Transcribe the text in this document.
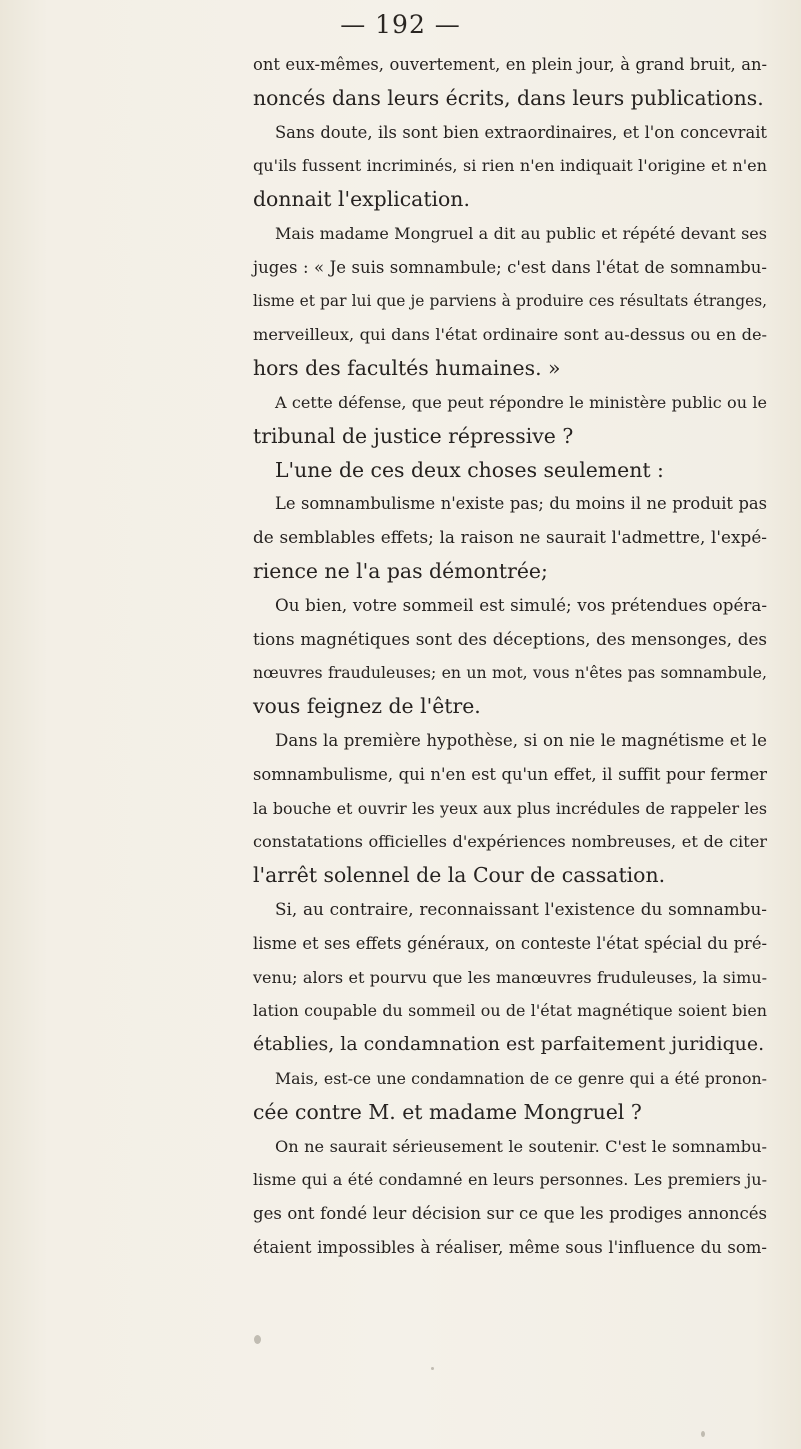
— 192 —
ont eux-mêmes, ouvertement, en plein jour, à grand bruit, an-
noncés dans leurs écrits, dans leurs publications.
Sans doute, ils sont bien extraordinaires, et l'on concevrait
qu'ils fussent incriminés, si rien n'en indiquait l'origine et n'en
donnait l'explication.
Mais madame Mongruel a dit au public et répété devant ses
juges : « Je suis somnambule; c'est dans l'état de somnambu-
lisme et par lui que je parviens à produire ces résultats étranges,
merveilleux, qui dans l'état ordinaire sont au-dessus ou en de-
hors des facultés humaines. »
A cette défense, que peut répondre le ministère public ou le
tribunal de justice répressive ?
L'une de ces deux choses seulement :
Le somnambulisme n'existe pas; du moins il ne produit pas
de semblables effets; la raison ne saurait l'admettre, l'expé-
rience ne l'a pas démontrée;
Ou bien, votre sommeil est simulé; vos prétendues opéra-
tions magnétiques sont des déceptions, des mensonges, des
nœuvres frauduleuses; en un mot, vous n'êtes pas somnambule,
vous feignez de l'être.
Dans la première hypothèse, si on nie le magnétisme et le
somnambulisme, qui n'en est qu'un effet, il suffit pour fermer
la bouche et ouvrir les yeux aux plus incrédules de rappeler les
constatations officielles d'expériences nombreuses, et de citer
l'arrêt solennel de la Cour de cassation.
Si, au contraire, reconnaissant l'existence du somnambu-
lisme et ses effets généraux, on conteste l'état spécial du pré-
venu; alors et pourvu que les manœuvres fruduleuses, la simu-
lation coupable du sommeil ou de l'état magnétique soient bien
établies, la condamnation est parfaitement juridique.
Mais, est-ce une condamnation de ce genre qui a été pronon-
cée contre M. et madame Mongruel ?
On ne saurait sérieusement le soutenir. C'est le somnambu-
lisme qui a été condamné en leurs personnes. Les premiers ju-
ges ont fondé leur décision sur ce que les prodiges annoncés
étaient impossibles à réaliser, même sous l'influence du som-
